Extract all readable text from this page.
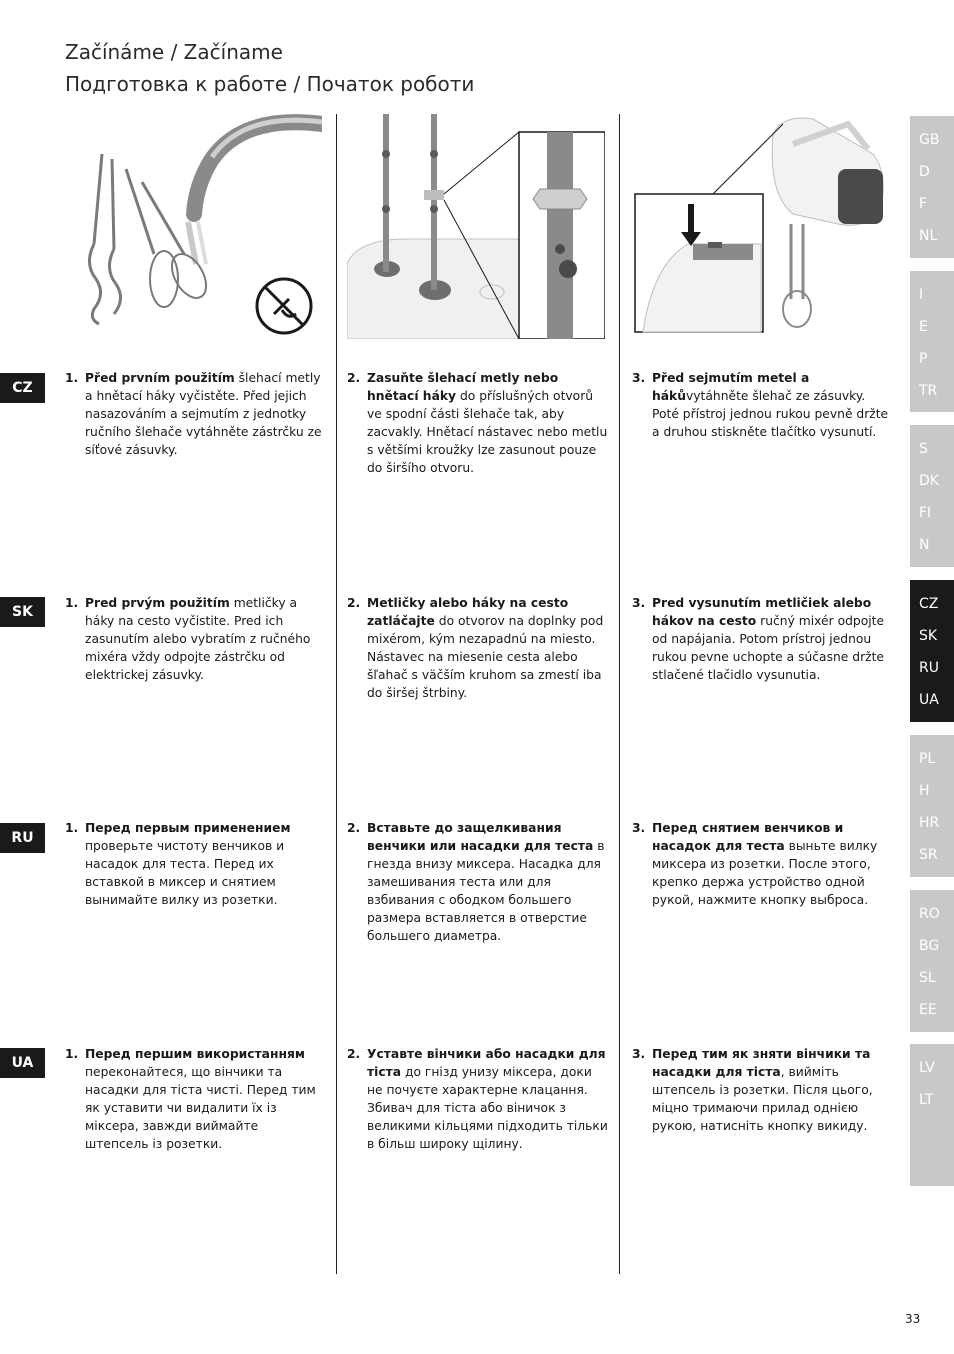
Začínáme / Začíname
Подготовка к работе / Початок роботи
CZ
SK
RU
UA
1. Před prvním použitím šlehací metly a hnětací háky vyčistěte. Před jejich nasazováním a sejmutím z jednotky ručního šlehače vytáhněte zástrčku ze síťové zásuvky.
2. Zasuňte šlehací metly nebo hnětací háky do příslušných otvorů ve spodní části šlehače tak, aby zacvakly. Hnětací nástavec nebo metlu s většími kroužky lze zasunout pouze do širšího otvoru.
3. Před sejmutím metel a hákůvytáhněte šlehač ze zásuvky. Poté přístroj jednou rukou pevně držte a druhou stiskněte tlačítko vysunutí.
1. Pred prvým použitím metličky a háky na cesto vyčistite. Pred ich zasunutím alebo vybratím z ručného mixéra vždy odpojte zástrčku od elektrickej zásuvky.
2. Metličky alebo háky na cesto zatláčajte do otvorov na doplnky pod mixérom, kým nezapadnú na miesto. Nástavec na miesenie cesta alebo šľahač s väčším kruhom sa zmestí iba do širšej štrbiny.
3. Pred vysunutím metličiek alebo hákov na cesto ručný mixér odpojte od napájania. Potom prístroj jednou rukou pevne uchopte a súčasne držte stlačené tlačidlo vysunutia.
1. Перед первым применением проверьте чистоту венчиков и насадок для теста. Перед их вставкой в миксер и снятием вынимайте вилку из розетки.
2. Вставьте до защелкивания венчики или насадки для теста в гнезда внизу миксера. Насадка для замешивания теста или для взбивания с ободком большего размера вставляется в отверстие большего диаметра.
3. Перед снятием венчиков и насадок для теста выньте вилку миксера из розетки. После этого, крепко держа устройство одной рукой, нажмите кнопку выброса.
1. Перед першим використанням переконайтеся, що вінчики та насадки для тіста чисті. Перед тим як уставити чи видалити їх із міксера, завжди виймайте штепсель із розетки.
2. Уставте вінчики або насадки для тіста до гнізд унизу міксера, доки не почуєте характерне клацання. Збивач для тіста або віничок з великими кільцями підходить тільки в більш широку щілину.
3. Перед тим як зняти вінчики та насадки для тіста, вийміть штепсель із розетки. Після цього, міцно тримаючи прилад однією рукою, натисніть кнопку викиду.
GB
D
F
NL
I
E
P
TR
S
DK
FI
N
CZ
SK
RU
UA
PL
H
HR
SR
RO
BG
SL
EE
LV
LT
33
